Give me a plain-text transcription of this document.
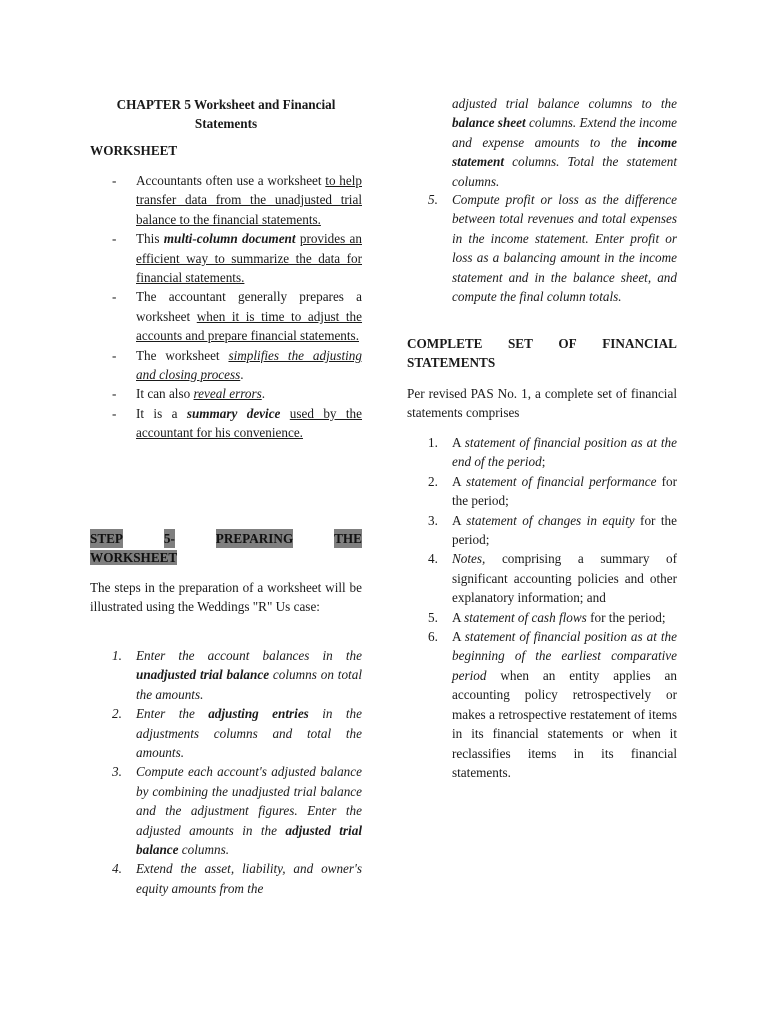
CHAPTER 5 Worksheet and Financial
Statements
WORKSHEET
- Accountants often use a worksheet to help transfer data from the unadjusted trial balance to the financial statements.
- This multi-column document provides an efficient way to summarize the data for financial statements.
- The accountant generally prepares a worksheet when it is time to adjust the accounts and prepare financial statements.
- The worksheet simplifies the adjusting and closing process.
- It can also reveal errors.
- It is a summary device used by the accountant for his convenience.
STEP	5-	PREPARING	THE
WORKSHEET
The steps in the preparation of a worksheet will be illustrated using the Weddings "R" Us case:
1. Enter the account balances in the unadjusted trial balance columns on total the amounts.
2. Enter the adjusting entries in the adjustments columns and total the amounts.
3. Compute each account's adjusted balance by combining the unadjusted trial balance and the adjustment figures. Enter the adjusted amounts in the adjusted trial balance columns.
4. Extend the asset, liability, and owner's equity amounts from the
adjusted trial balance columns to the balance sheet columns. Extend the income and expense amounts to the income statement columns. Total the statement columns.
5. Compute profit or loss as the difference between total revenues and total expenses in the income statement. Enter profit or loss as a balancing amount in the income statement and in the balance sheet, and compute the final column totals.
COMPLETE SET OF FINANCIAL
STATEMENTS
Per revised PAS No. 1, a complete set of financial statements comprises
1. A statement of financial position as at the end of the period;
2. A statement of financial performance for the period;
3. A statement of changes in equity for the period;
4. Notes, comprising a summary of significant accounting policies and other explanatory information; and
5. A statement of cash flows for the period;
6. A statement of financial position as at the beginning of the earliest comparative period when an entity applies an accounting policy retrospectively or makes a retrospective restatement of items in its financial statements or when it reclassifies items in its financial statements.
